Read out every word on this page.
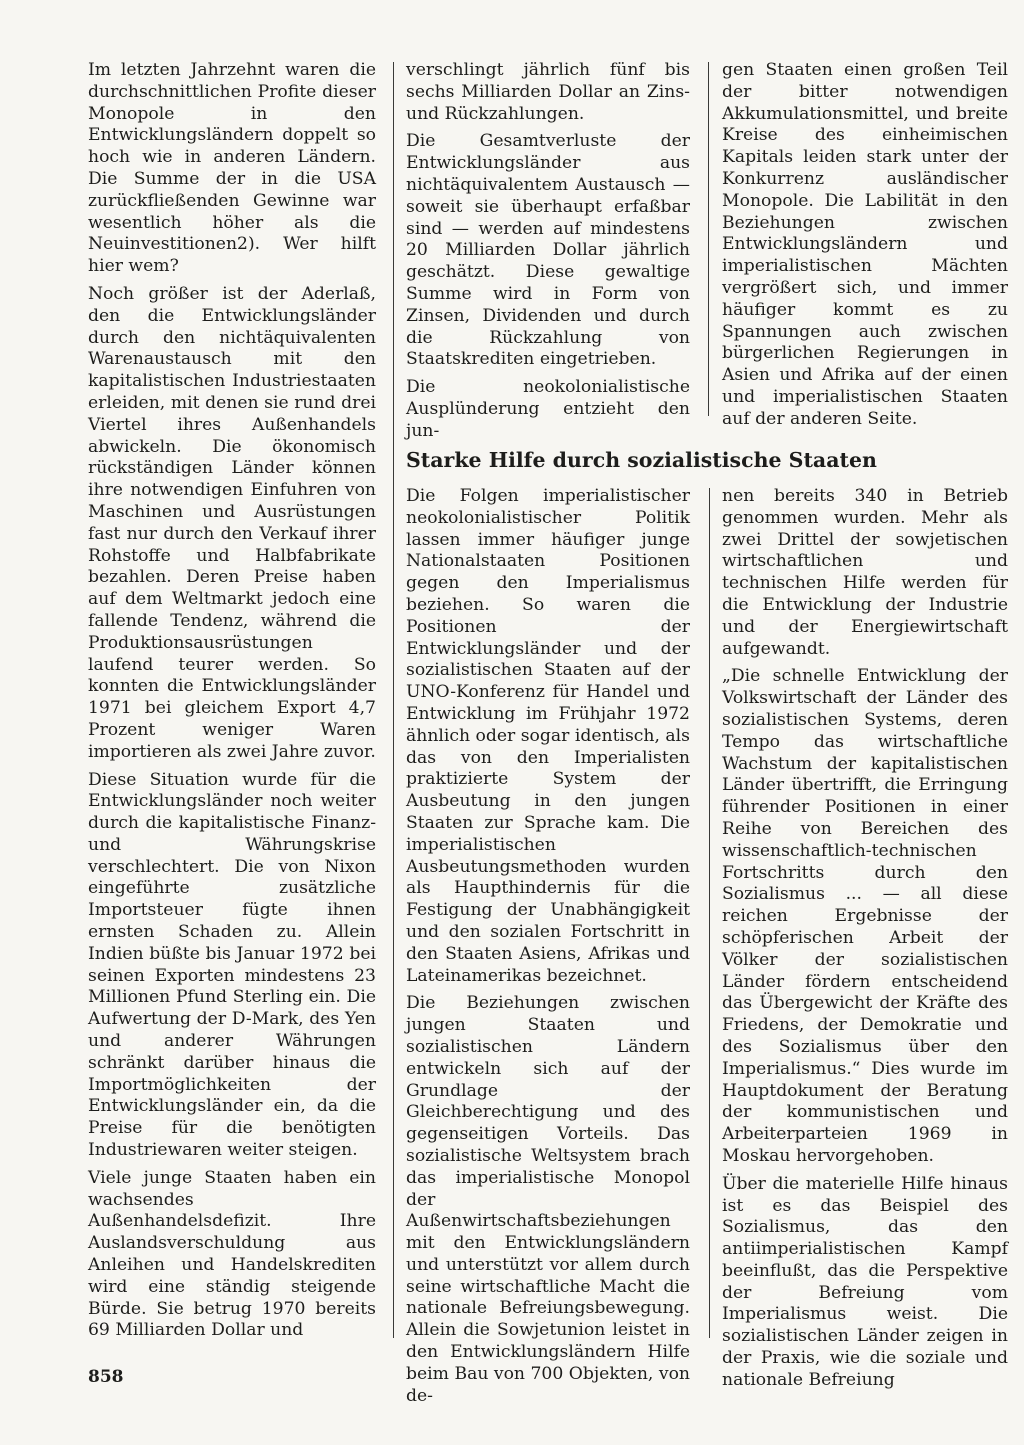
Im letzten Jahrzehnt waren die durchschnittlichen Profite dieser Monopole in den Entwicklungsländern doppelt so hoch wie in anderen Ländern. Die Summe der in die USA zurückfließenden Gewinne war wesentlich höher als die Neuinvestitionen2). Wer hilft hier wem?

Noch größer ist der Aderlaß, den die Entwicklungsländer durch den nichtäquivalenten Warenaustausch mit den kapitalistischen Industriestaaten erleiden, mit denen sie rund drei Viertel ihres Außenhandels abwickeln. Die ökonomisch rückständigen Länder können ihre notwendigen Einfuhren von Maschinen und Ausrüstungen fast nur durch den Verkauf ihrer Rohstoffe und Halbfabrikate bezahlen. Deren Preise haben auf dem Weltmarkt jedoch eine fallende Tendenz, während die Produktionsausrüstungen laufend teurer werden. So konnten die Entwicklungsländer 1971 bei gleichem Export 4,7 Prozent weniger Waren importieren als zwei Jahre zuvor.

Diese Situation wurde für die Entwicklungsländer noch weiter durch die kapitalistische Finanz- und Währungskrise verschlechtert. Die von Nixon eingeführte zusätzliche Importsteuer fügte ihnen ernsten Schaden zu. Allein Indien büßte bis Januar 1972 bei seinen Exporten mindestens 23 Millionen Pfund Sterling ein. Die Aufwertung der D-Mark, des Yen und anderer Währungen schränkt darüber hinaus die Importmöglichkeiten der Entwicklungsländer ein, da die Preise für die benötigten Industriewaren weiter steigen.

Viele junge Staaten haben ein wachsendes Außenhandelsdefizit. Ihre Auslandsverschuldung aus Anleihen und Handelskrediten wird eine ständig steigende Bürde. Sie betrug 1970 bereits 69 Milliarden Dollar und

verschlingt jährlich fünf bis sechs Milliarden Dollar an Zins- und Rückzahlungen.

Die Gesamtverluste der Entwicklungsländer aus nichtäquivalentem Austausch — soweit sie überhaupt erfaßbar sind — werden auf mindestens 20 Milliarden Dollar jährlich geschätzt. Diese gewaltige Summe wird in Form von Zinsen, Dividenden und durch die Rückzahlung von Staatskrediten eingetrieben.

Die neokolonialistische Ausplünderung entzieht den jun-

gen Staaten einen großen Teil der bitter notwendigen Akkumulationsmittel, und breite Kreise des einheimischen Kapitals leiden stark unter der Konkurrenz ausländischer Monopole. Die Labilität in den Beziehungen zwischen Entwicklungsländern und imperialistischen Mächten vergrößert sich, und immer häufiger kommt es zu Spannungen auch zwischen bürgerlichen Regierungen in Asien und Afrika auf der einen und imperialistischen Staaten auf der anderen Seite.

Starke Hilfe durch sozialistische Staaten

Die Folgen imperialistischer neokolonialistischer Politik lassen immer häufiger junge Nationalstaaten Positionen gegen den Imperialismus beziehen. So waren die Positionen der Entwicklungsländer und der sozialistischen Staaten auf der UNO-Konferenz für Handel und Entwicklung im Frühjahr 1972 ähnlich oder sogar identisch, als das von den Imperialisten praktizierte System der Ausbeutung in den jungen Staaten zur Sprache kam. Die imperialistischen Ausbeutungsmethoden wurden als Haupthindernis für die Festigung der Unabhängigkeit und den sozialen Fortschritt in den Staaten Asiens, Afrikas und Lateinamerikas bezeichnet.

Die Beziehungen zwischen jungen Staaten und sozialistischen Ländern entwickeln sich auf der Grundlage der Gleichberechtigung und des gegenseitigen Vorteils. Das sozialistische Weltsystem brach das imperialistische Monopol der Außenwirtschaftsbeziehungen mit den Entwicklungsländern und unterstützt vor allem durch seine wirtschaftliche Macht die nationale Befreiungsbewegung. Allein die Sowjetunion leistet in den Entwicklungsländern Hilfe beim Bau von 700 Objekten, von de-

nen bereits 340 in Betrieb genommen wurden. Mehr als zwei Drittel der sowjetischen wirtschaftlichen und technischen Hilfe werden für die Entwicklung der Industrie und der Energiewirtschaft aufgewandt.

„Die schnelle Entwicklung der Volkswirtschaft der Länder des sozialistischen Systems, deren Tempo das wirtschaftliche Wachstum der kapitalistischen Länder übertrifft, die Erringung führender Positionen in einer Reihe von Bereichen des wissenschaftlich-technischen Fortschritts durch den Sozialismus ... — all diese reichen Ergebnisse der schöpferischen Arbeit der Völker der sozialistischen Länder fördern entscheidend das Übergewicht der Kräfte des Friedens, der Demokratie und des Sozialismus über den Imperialismus.“ Dies wurde im Hauptdokument der Beratung der kommunistischen und Arbeiterparteien 1969 in Moskau hervorgehoben.

Über die materielle Hilfe hinaus ist es das Beispiel des Sozialismus, das den antiimperialistischen Kampf beeinflußt, das die Perspektive der Befreiung vom Imperialismus weist. Die sozialistischen Länder zeigen in der Praxis, wie die soziale und nationale Befreiung

858
